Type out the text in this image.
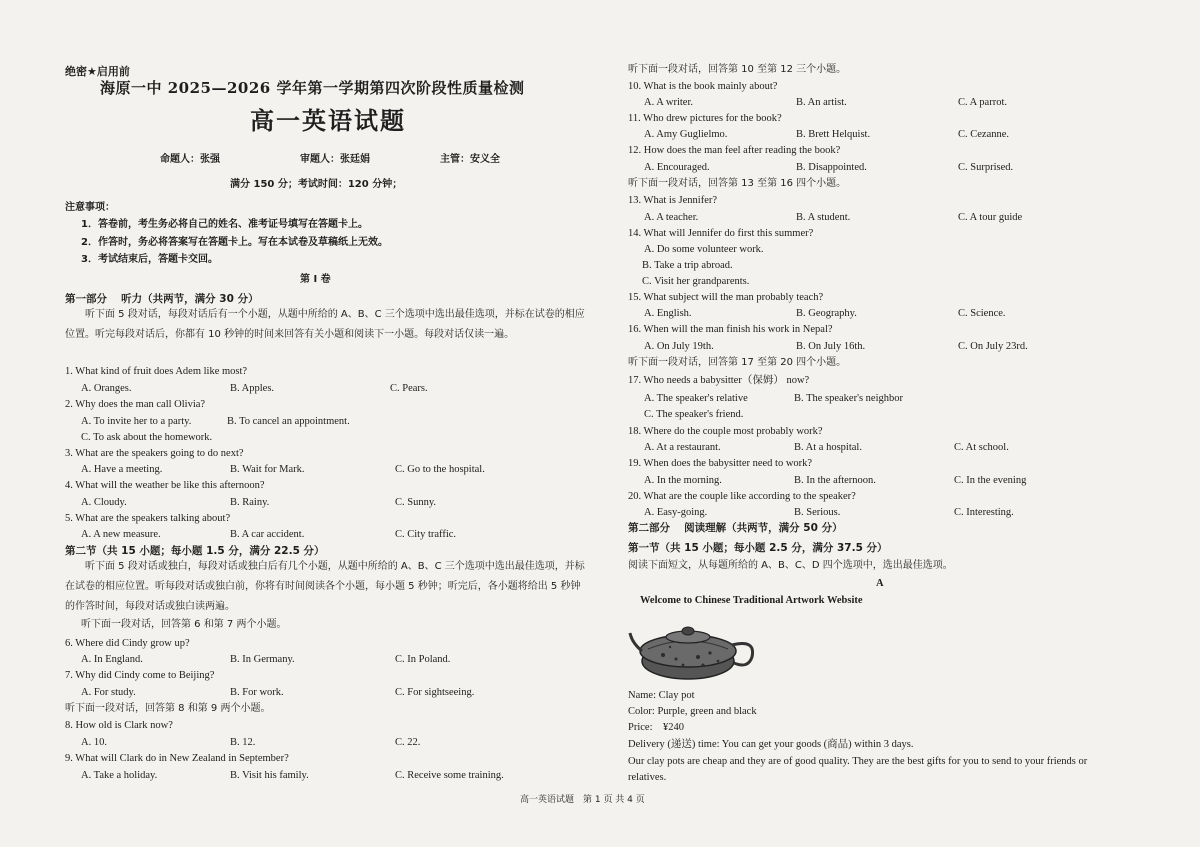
绝密★启用前
海原一中 2025—2026 学年第一学期第四次阶段性质量检测
高一英语试题
命题人：张强	审题人：张廷娟	主管：安义全
满分 150 分；考试时间：120 分钟；
注意事项：
1．答卷前，考生务必将自己的姓名、准考证号填写在答题卡上。
2．作答时，务必将答案写在答题卡上。写在本试卷及草稿纸上无效。
3．考试结束后，答题卡交回。
第 I 卷
第一部分　 听力（共两节，满分 30 分）
听下面 5 段对话，每段对话后有一个小题，从题中所给的 A、B、C 三个选项中选出最佳选项，并标在试卷的相应位置。听完每段对话后，你都有 10 秒钟的时间来回答有关小题和阅读下一小题。每段对话仅读一遍。
1. What kind of fruit does Adem like most?
A. Oranges.	B. Apples.	C. Pears.
2. Why does the man call Olivia?
A. To invite her to a party.	B. To cancel an appointment.
C. To ask about the homework.
3. What are the speakers going to do next?
A. Have a meeting.	B. Wait for Mark.	C. Go to the hospital.
4. What will the weather be like this afternoon?
A. Cloudy.	B. Rainy.	C. Sunny.
5. What are the speakers talking about?
A. A new measure.	B. A car accident.	C. City traffic.
第二节（共 15 小题；每小题 1.5 分，满分 22.5 分）
听下面 5 段对话或独白，每段对话或独白后有几个小题，从题中所给的 A、B、C 三个选项中选出最佳选项，并标在试卷的相应位置。听每段对话或独白前，你将有时间阅读各个小题，每小题 5 秒钟；听完后，各小题将给出 5 秒钟的作答时间，每段对话或独白读两遍。
听下面一段对话，回答第 6 和第 7 两个小题。
6. Where did Cindy grow up?
A. In England.	B. In Germany.	C. In Poland.
7. Why did Cindy come to Beijing?
A. For study.	B. For work.	C. For sightseeing.
听下面一段对话，回答第 8 和第 9 两个小题。
8. How old is Clark now?
A. 10.	B. 12.	C. 22.
9. What will Clark do in New Zealand in September?
A. Take a holiday.	B. Visit his family.	C. Receive some training.
听下面一段对话，回答第 10 至第 12 三个小题。
10. What is the book mainly about?
A. A writer.	B. An artist.	C. A parrot.
11. Who drew pictures for the book?
A. Amy Guglielmo.	B. Brett Helquist.	C. Cezanne.
12. How does the man feel after reading the book?
A. Encouraged.	B. Disappointed.	C. Surprised.
听下面一段对话，回答第 13 至第 16 四个小题。
13. What is Jennifer?
A. A teacher.	B. A student.	C. A tour guide
14. What will Jennifer do first this summer?
A. Do some volunteer work.
B. Take a trip abroad.
C. Visit her grandparents.
15. What subject will the man probably teach?
A. English.	B. Geography.	C. Science.
16. When will the man finish his work in Nepal?
A. On July 19th.	B. On July 16th.	C. On July 23rd.
听下面一段对话，回答第 17 至第 20 四个小题。
17. Who needs a babysitter（保姆） now?
A. The speaker's relative	B. The speaker's neighbor
C. The speaker's friend.
18. Where do the couple most probably work?
A. At a restaurant.	B. At a hospital.	C. At school.
19. When does the babysitter need to work?
A. In the morning.	B. In the afternoon.	C. In the evening
20. What are the couple like according to the speaker?
A. Easy-going.	B. Serious.	C. Interesting.
第二部分　 阅读理解（共两节，满分 50 分）
第一节（共 15 小题；每小题 2.5 分，满分 37.5 分）
阅读下面短文，从每题所给的 A、B、C、D 四个选项中，选出最佳选项。
A
Welcome to Chinese Traditional Artwork Website
Name: Clay pot
Color: Purple, green and black
Price:　¥240
Delivery (递送) time: You can get your goods (商品) within 3 days.
Our clay pots are cheap and they are of good quality. They are the best gifts for you to send to your friends or
relatives.
高一英语试题　第 1 页 共 4 页
